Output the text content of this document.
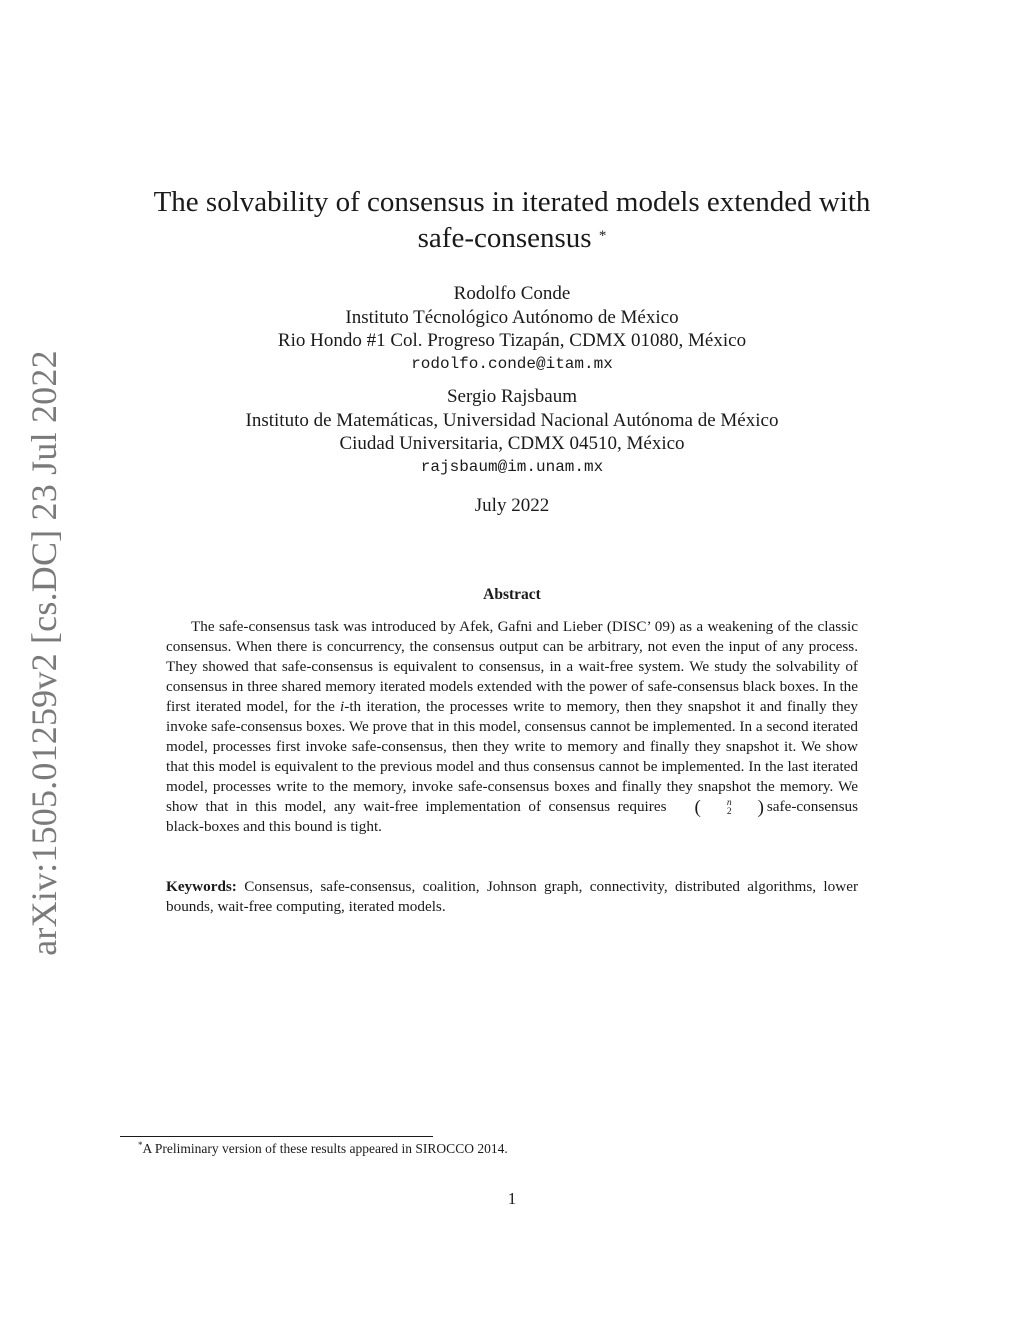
arXiv:1505.01259v2 [cs.DC] 23 Jul 2022
The solvability of consensus in iterated models extended with
safe-consensus *
Rodolfo Conde
Instituto Técnológico Autónomo de México
Rio Hondo #1 Col. Progreso Tizapán, CDMX 01080, México
rodolfo.conde@itam.mx
Sergio Rajsbaum
Instituto de Matemáticas, Universidad Nacional Autónoma de México
Ciudad Universitaria, CDMX 04510, México
rajsbaum@im.unam.mx
July 2022
Abstract

The safe-consensus task was introduced by Afek, Gafni and Lieber (DISC’ 09) as a weakening of the classic consensus. When there is concurrency, the consensus output can be arbitrary, not even the input of any process. They showed that safe-consensus is equivalent to consensus, in a wait-free system. We study the solvability of consensus in three shared memory iterated models extended with the power of safe-consensus black boxes. In the first iterated model, for the i-th iteration, the processes write to memory, then they snapshot it and finally they invoke safe-consensus boxes. We prove that in this model, consensus cannot be implemented. In a second iterated model, processes first invoke safe-consensus, then they write to memory and finally they snapshot it. We show that this model is equivalent to the previous model and thus consensus cannot be implemented. In the last iterated model, processes write to the memory, invoke safe-consensus boxes and finally they snapshot the memory. We show that in this model, any wait-free implementation of consensus requires	(	n
2	) safe-consensus black-boxes and this bound is tight.

Keywords: Consensus, safe-consensus, coalition, Johnson graph, connectivity, distributed algorithms, lower bounds, wait-free computing, iterated models.

*A Preliminary version of these results appeared in SIROCCO 2014.
1
